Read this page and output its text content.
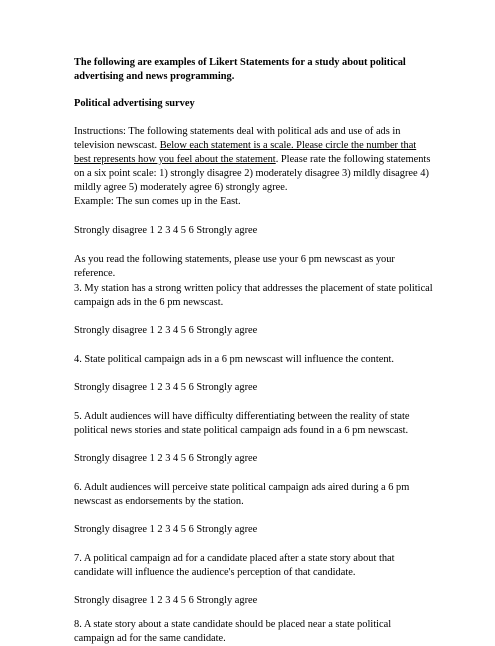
The following are examples of Likert Statements for a study about political advertising and news programming.

Political advertising survey

Instructions: The following statements deal with political ads and use of ads in television newscast. Below each statement is a scale. Please circle the number that best represents how you feel about the statement. Please rate the following statements on a six point scale: 1) strongly disagree 2) moderately disagree 3) mildly disagree 4) mildly agree 5) moderately agree 6) strongly agree.

Example: The sun comes up in the East.

Strongly disagree 1 2 3 4 5 6 Strongly agree

As you read the following statements, please use your 6 pm newscast as your reference.

3. My station has a strong written policy that addresses the placement of state political campaign ads in the 6 pm newscast.

Strongly disagree 1 2 3 4 5 6 Strongly agree

4. State political campaign ads in a 6 pm newscast will influence the content.

Strongly disagree 1 2 3 4 5 6 Strongly agree

5. Adult audiences will have difficulty differentiating between the reality of state political news stories and state political campaign ads found in a 6 pm newscast.

Strongly disagree 1 2 3 4 5 6 Strongly agree

6. Adult audiences will perceive state political campaign ads aired during a 6 pm newscast as endorsements by the station.

Strongly disagree 1 2 3 4 5 6 Strongly agree

7. A political campaign ad for a candidate placed after a state story about that candidate will influence the audience's perception of that candidate.

Strongly disagree 1 2 3 4 5 6 Strongly agree

8. A state story about a state candidate should be placed near a state political campaign ad for the same candidate.
